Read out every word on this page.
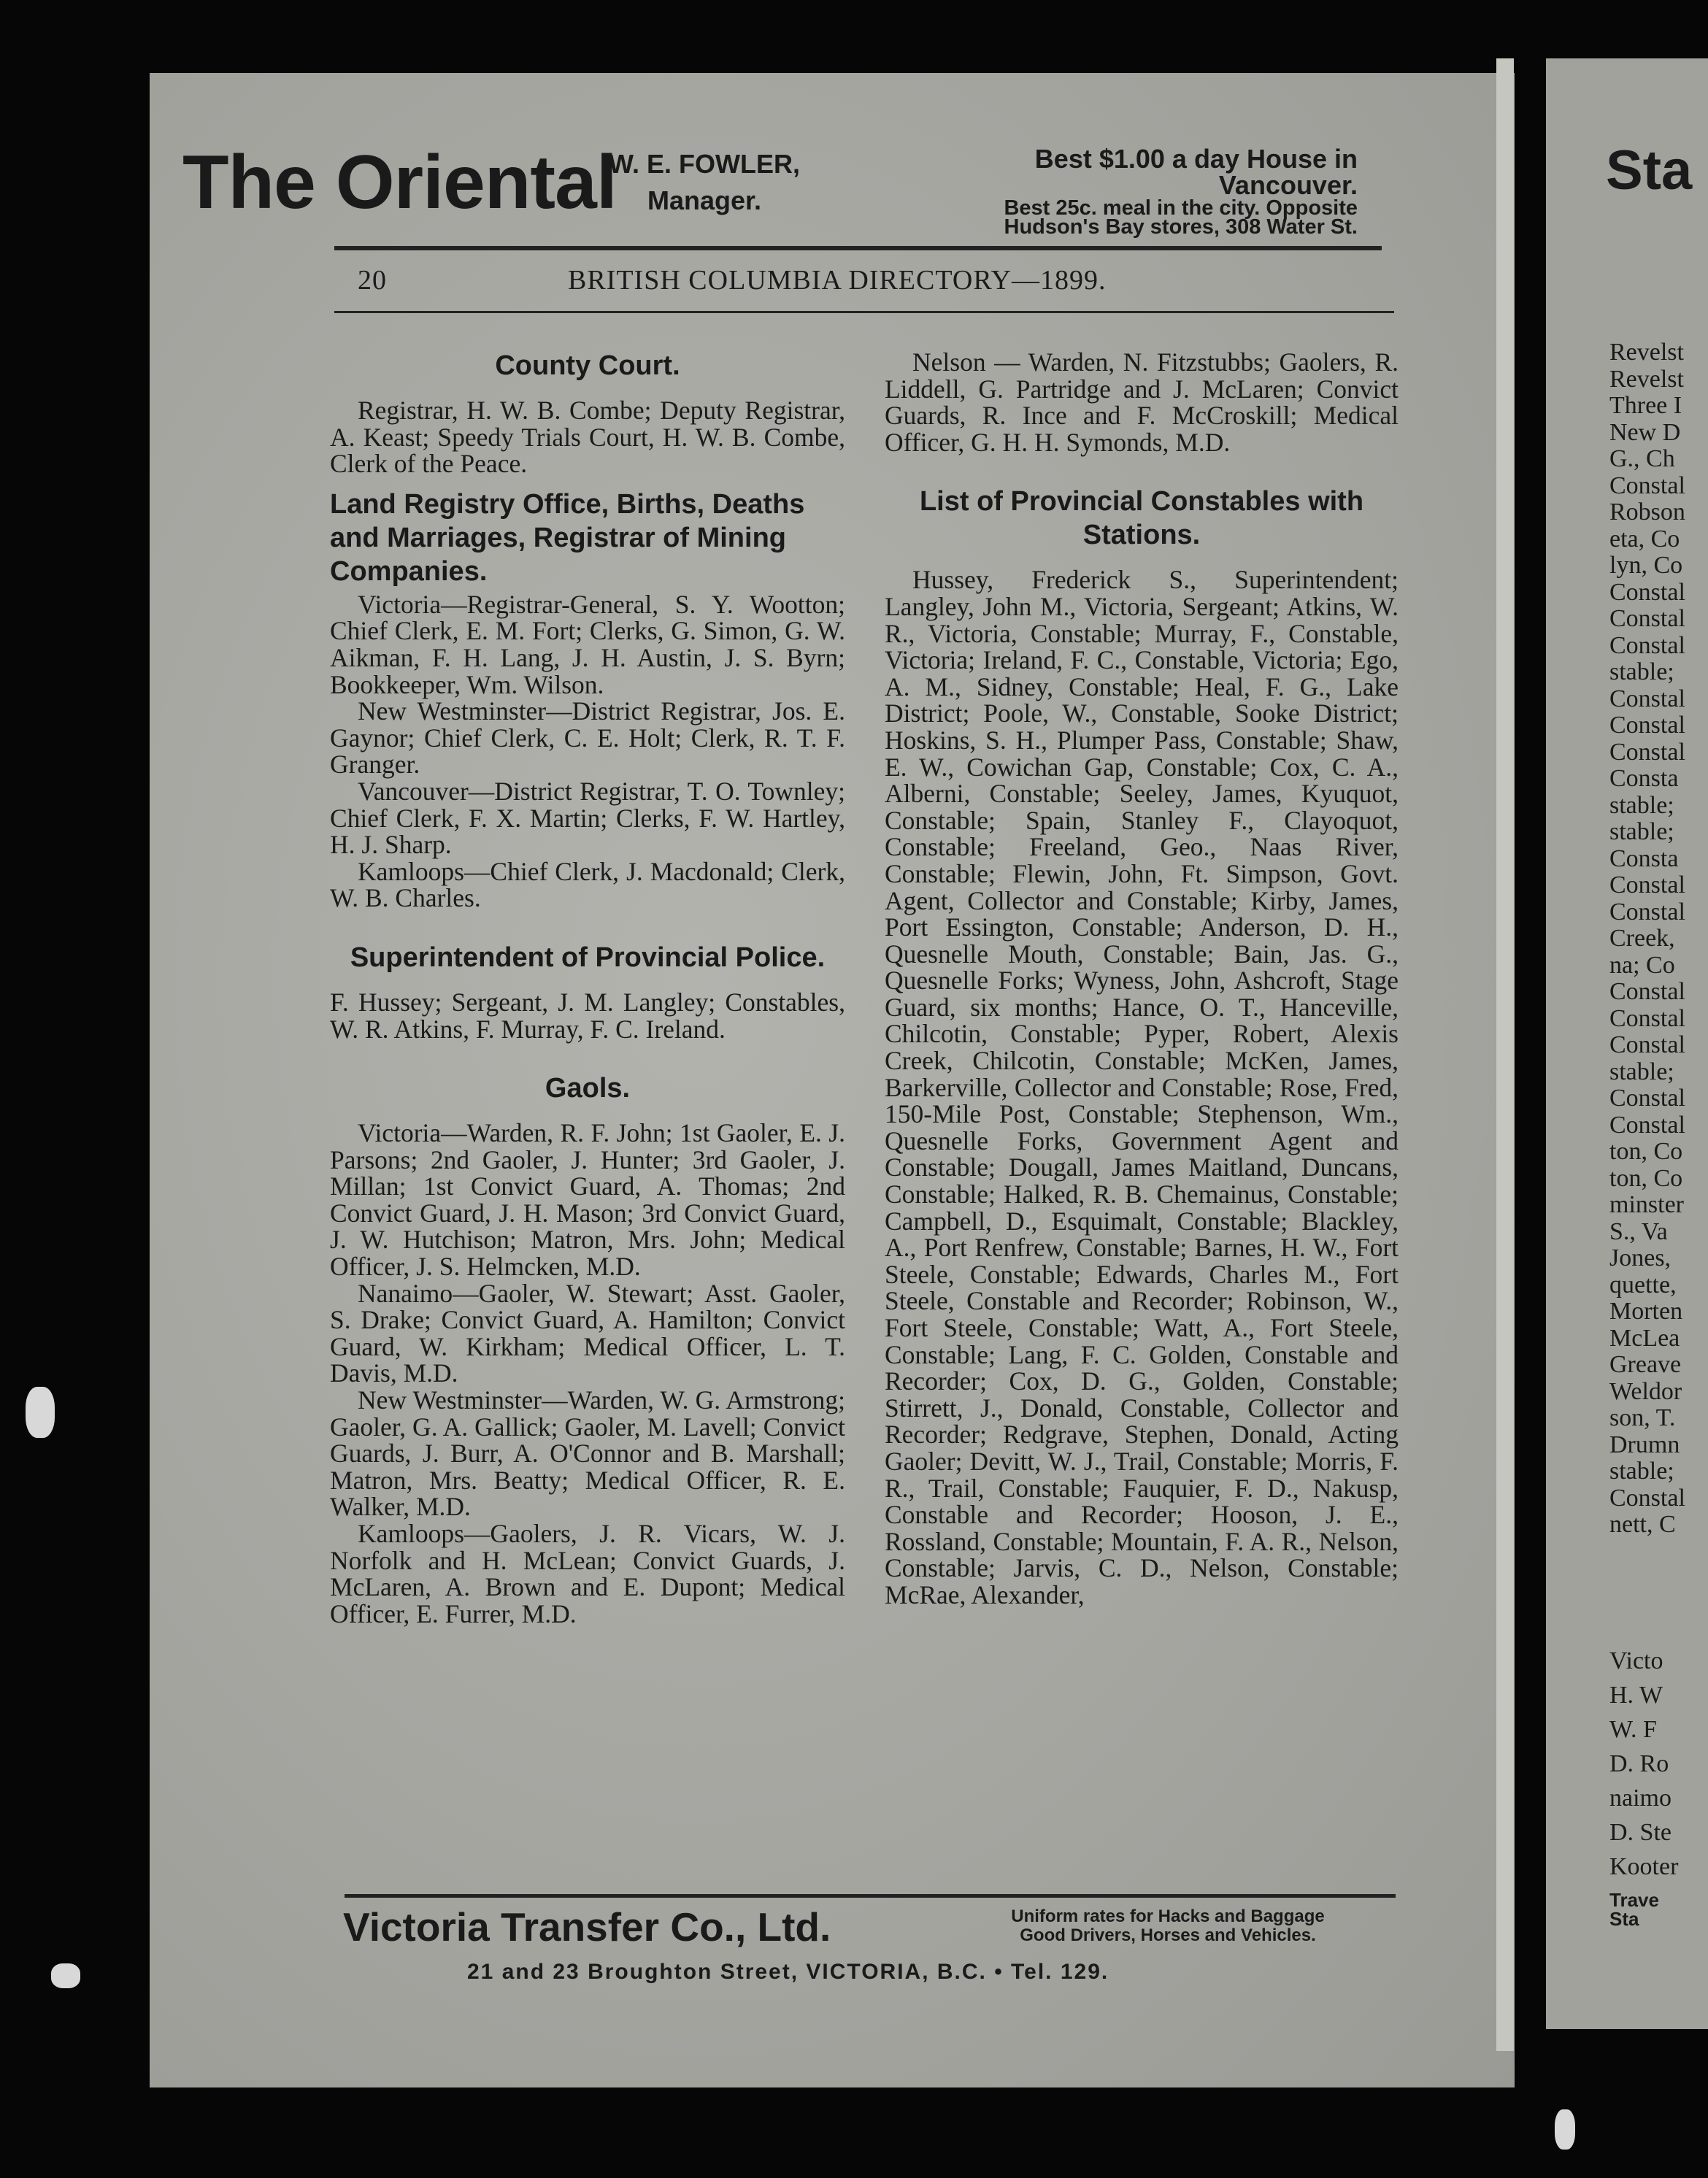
The Oriental
W. E. FOWLER,
Manager.
Best $1.00 a day House in Vancouver.
Best 25c. meal in the city. Opposite
Hudson's Bay stores, 308 Water St.
20	BRITISH COLUMBIA DIRECTORY—1899.
County Court.

Registrar, H. W. B. Combe; Deputy Registrar, A. Keast; Speedy Trials Court, H. W. B. Combe, Clerk of the Peace.

Land Registry Office, Births, Deaths and Marriages, Registrar of Mining Companies.

Victoria—Registrar-General, S. Y. Wootton; Chief Clerk, E. M. Fort; Clerks, G. Simon, G. W. Aikman, F. H. Lang, J. H. Austin, J. S. Byrn; Bookkeeper, Wm. Wilson.

New Westminster—District Registrar, Jos. E. Gaynor; Chief Clerk, C. E. Holt; Clerk, R. T. F. Granger.

Vancouver—District Registrar, T. O. Townley; Chief Clerk, F. X. Martin; Clerks, F. W. Hartley, H. J. Sharp.

Kamloops—Chief Clerk, J. Macdonald; Clerk, W. B. Charles.

Superintendent of Provincial Police.

F. Hussey; Sergeant, J. M. Langley; Constables, W. R. Atkins, F. Murray, F. C. Ireland.

Gaols.

Victoria—Warden, R. F. John; 1st Gaoler, E. J. Parsons; 2nd Gaoler, J. Hunter; 3rd Gaoler, J. Millan; 1st Convict Guard, A. Thomas; 2nd Convict Guard, J. H. Mason; 3rd Convict Guard, J. W. Hutchison; Matron, Mrs. John; Medical Officer, J. S. Helmcken, M.D.

Nanaimo—Gaoler, W. Stewart; Asst. Gaoler, S. Drake; Convict Guard, A. Hamilton; Convict Guard, W. Kirkham; Medical Officer, L. T. Davis, M.D.

New Westminster—Warden, W. G. Armstrong; Gaoler, G. A. Gallick; Gaoler, M. Lavell; Convict Guards, J. Burr, A. O'Connor and B. Marshall; Matron, Mrs. Beatty; Medical Officer, R. E. Walker, M.D.

Kamloops—Gaolers, J. R. Vicars, W. J. Norfolk and H. McLean; Convict Guards, J. McLaren, A. Brown and E. Dupont; Medical Officer, E. Furrer, M.D.

Nelson — Warden, N. Fitzstubbs; Gaolers, R. Liddell, G. Partridge and J. McLaren; Convict Guards, R. Ince and F. McCroskill; Medical Officer, G. H. H. Symonds, M.D.

List of Provincial Constables with Stations.

Hussey, Frederick S., Superintendent; Langley, John M., Victoria, Sergeant; Atkins, W. R., Victoria, Constable; Murray, F., Constable, Victoria; Ireland, F. C., Constable, Victoria; Ego, A. M., Sidney, Constable; Heal, F. G., Lake District; Poole, W., Constable, Sooke District; Hoskins, S. H., Plumper Pass, Constable; Shaw, E. W., Cowichan Gap, Constable; Cox, C. A., Alberni, Constable; Seeley, James, Kyuquot, Constable; Spain, Stanley F., Clayoquot, Constable; Freeland, Geo., Naas River, Constable; Flewin, John, Ft. Simpson, Govt. Agent, Collector and Constable; Kirby, James, Port Essington, Constable; Anderson, D. H., Quesnelle Mouth, Constable; Bain, Jas. G., Quesnelle Forks; Wyness, John, Ashcroft, Stage Guard, six months; Hance, O. T., Hanceville, Chilcotin, Constable; Pyper, Robert, Alexis Creek, Chilcotin, Constable; McKen, James, Barkerville, Collector and Constable; Rose, Fred, 150-Mile Post, Constable; Stephenson, Wm., Quesnelle Forks, Government Agent and Constable; Dougall, James Maitland, Duncans, Constable; Halked, R. B. Chemainus, Constable; Campbell, D., Esquimalt, Constable; Blackley, A., Port Renfrew, Constable; Barnes, H. W., Fort Steele, Constable; Edwards, Charles M., Fort Steele, Constable and Recorder; Robinson, W., Fort Steele, Constable; Watt, A., Fort Steele, Constable; Lang, F. C. Golden, Constable and Recorder; Cox, D. G., Golden, Constable; Stirrett, J., Donald, Constable, Collector and Recorder; Redgrave, Stephen, Donald, Acting Gaoler; Devitt, W. J., Trail, Constable; Morris, F. R., Trail, Constable; Fauquier, F. D., Nakusp, Constable and Recorder; Hooson, J. E., Rossland, Constable; Mountain, F. A. R., Nelson, Constable; Jarvis, C. D., Nelson, Constable; McRae, Alexander,

Victoria Transfer Co., Ltd.	Uniform rates for Hacks and Baggage
Good Drivers, Horses and Vehicles.
21 and 23 Broughton Street, VICTORIA, B.C. • Tel. 129.
Sta
Revelst
Revelst
Three I
New D
G., Ch
Constal
Robson
eta, Co
lyn, Co
Constal
Constal
Constal
stable;
Constal
Constal
Constal
Consta
stable;
stable;
Consta
Constal
Constal
Creek,
na; Co
Constal
Constal
Constal
stable;
Constal
Constal
ton, Co
ton, Co
minster
S., Va
Jones,
quette,
Morten
McLea
Greave
Weldor
son, T.
Drumn
stable;
Constal
nett, C
Victo
H. W
W. F
D. Ro
naimo
D. Ste
Kooter
Trave
Sta
